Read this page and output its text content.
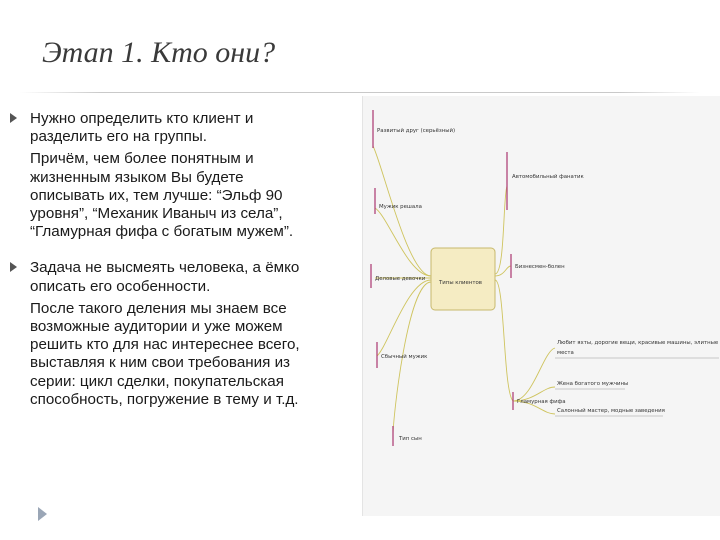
Этап 1. Кто они?
Нужно определить кто клиент и
разделить его на группы.
Причём, чем более понятным и
жизненным языком Вы будете
описывать их, тем лучше: “Эльф 90
уровня”, “Механик Иваныч из села”,
“Гламурная фифа с богатым мужем”.
Задача не высмеять человека, а ёмко
описать его особенности.
После такого деления мы знаем все
возможные аудитории и уже можем
решить кто для нас интереснее всего,
выставляя к ним свои требования из
серии: цикл сделки, покупательская
способность, погружение в тему и т.д.
Типы клиентов
Развитый друг (серьёзный)
Мужик решала
Деловые девочки
Сбычный мужик
Тип сын
Автомобильный фанатик
Бизнесмен-болен
Гламурная фифа
Любит яхты, дорогие вещи, красивые машины, элитные
места
Жена богатого мужчины
Салонный мастер, модные заведения
